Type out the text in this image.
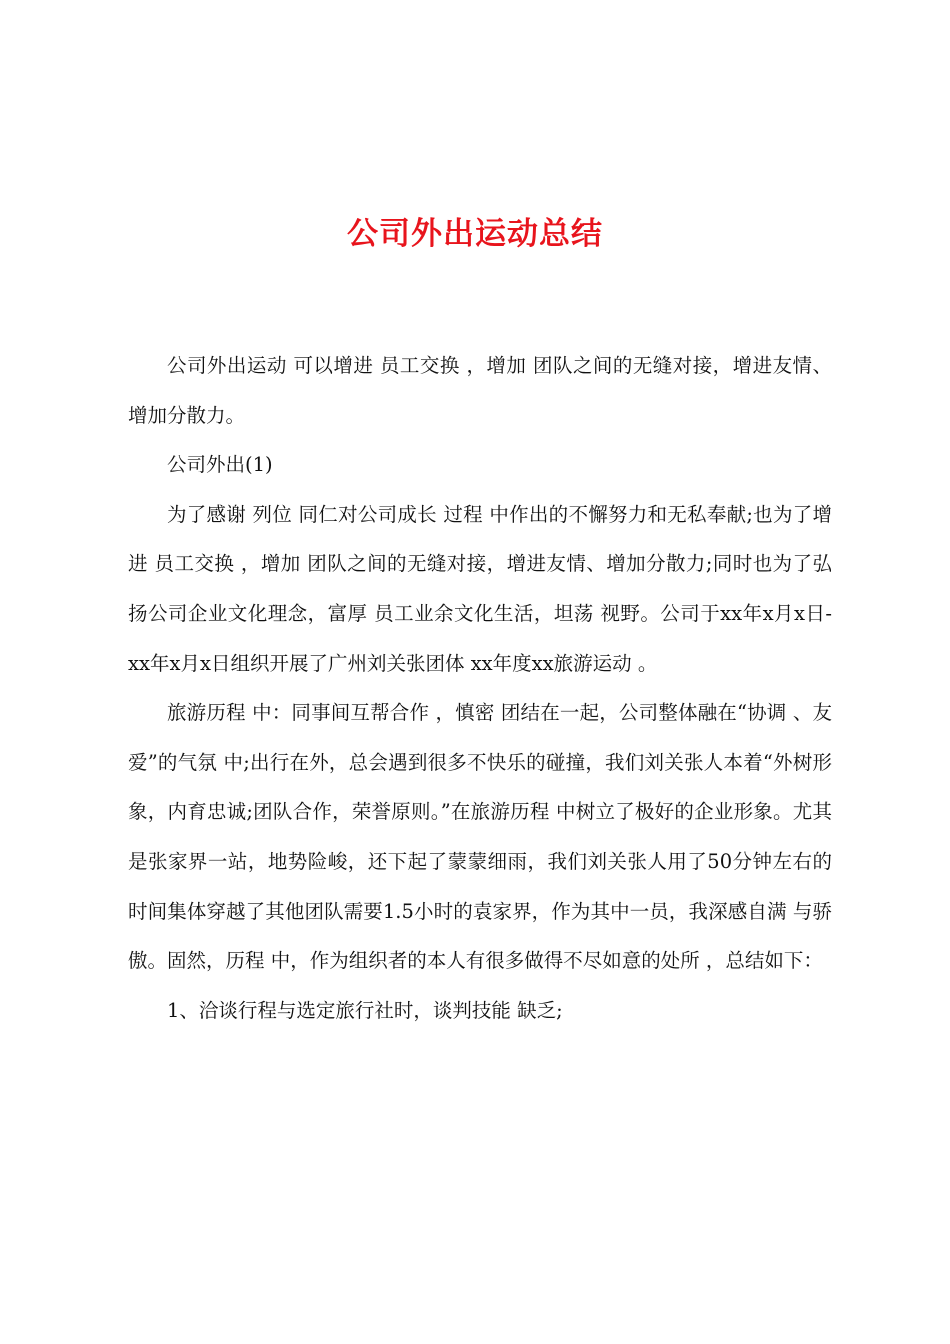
公司外出运动总结

公司外出运动 可以增进 员工交换 ，增加 团队之间的无缝对接，增进友情、增加分散力。

公司外出(1)

为了感谢 列位 同仁对公司成长 过程 中作出的不懈努力和无私奉献;也为了增进 员工交换 ，增加 团队之间的无缝对接，增进友情、增加分散力;同时也为了弘扬公司企业文化理念，富厚 员工业余文化生活，坦荡 视野。公司于xx年x月x日-xx年x月x日组织开展了广州刘关张团体 xx年度xx旅游运动 。

旅游历程 中：同事间互帮合作 ，慎密 团结在一起，公司整体融在“协调 、友爱”的气氛 中;出行在外，总会遇到很多不快乐的碰撞，我们刘关张人本着“外树形象，内育忠诚;团队合作，荣誉原则。”在旅游历程 中树立了极好的企业形象。尤其是张家界一站，地势险峻，还下起了蒙蒙细雨，我们刘关张人用了50分钟左右的时间集体穿越了其他团队需要1.5小时的袁家界，作为其中一员，我深感自满 与骄傲。固然，历程 中，作为组织者的本人有很多做得不尽如意的处所 ，总结如下：

1、洽谈行程与选定旅行社时，谈判技能 缺乏;
